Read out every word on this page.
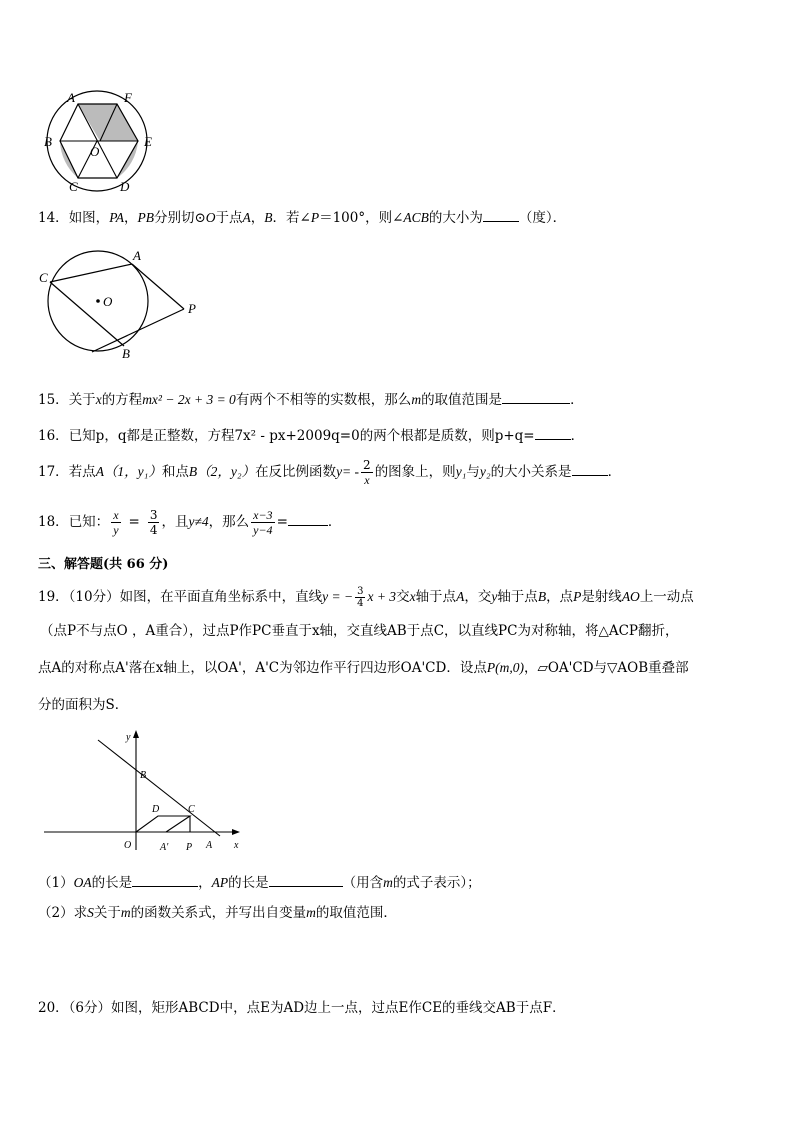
A	F
B	E
O
C	D
14．如图，PA，PB分别切⊙O于点A，B．若∠P＝100°，则∠ACB的大小为	（度）．
A
C
O	P
B
15．关于x的方程mx² − 2x + 3 = 0有两个不相等的实数根，那么m的取值范围是	．
16．已知p，q都是正整数，方程7x² - px+2009q=0的两个根都是质数，则p+q=	．
17．若点A（1，y₁）和点B（2，y₂）在反比例函数$y= - \frac{2}{x}$ 的图象上，则y₁与y₂的大小关系是	．
18．已知： $\frac{x}{y} = \frac{3}{4}$ ，且y≠4，那么 $\frac{x-3}{y-4}$ =	．
三、解答题(共 66 分)
19．（10分）如图，在平面直角坐标系中，直线y = − $\frac{3}{4}$ x + 3交x轴于点A，交y轴于点B，点P是射线AO上一动点
（点P不与点O ，A重合），过点P作PC垂直于x轴，交直线AB于点C，以直线PC为对称轴，将△ACP翻折，
点A的对称点A'落在x轴上，以OA'，A'C为邻边作平行四边形OA'CD．设点P(m,0)，▱OA'CD与▽AOB重叠部
分的面积为S．
y
B
D	C
O	A' P A x
（1）OA的长是	，AP的长是	（用含m的式子表示）；
（2）求S关于m的函数关系式，并写出自变量m的取值范围．
20．（6分）如图，矩形ABCD中，点E为AD边上一点，过点E作CE的垂线交AB于点F．
